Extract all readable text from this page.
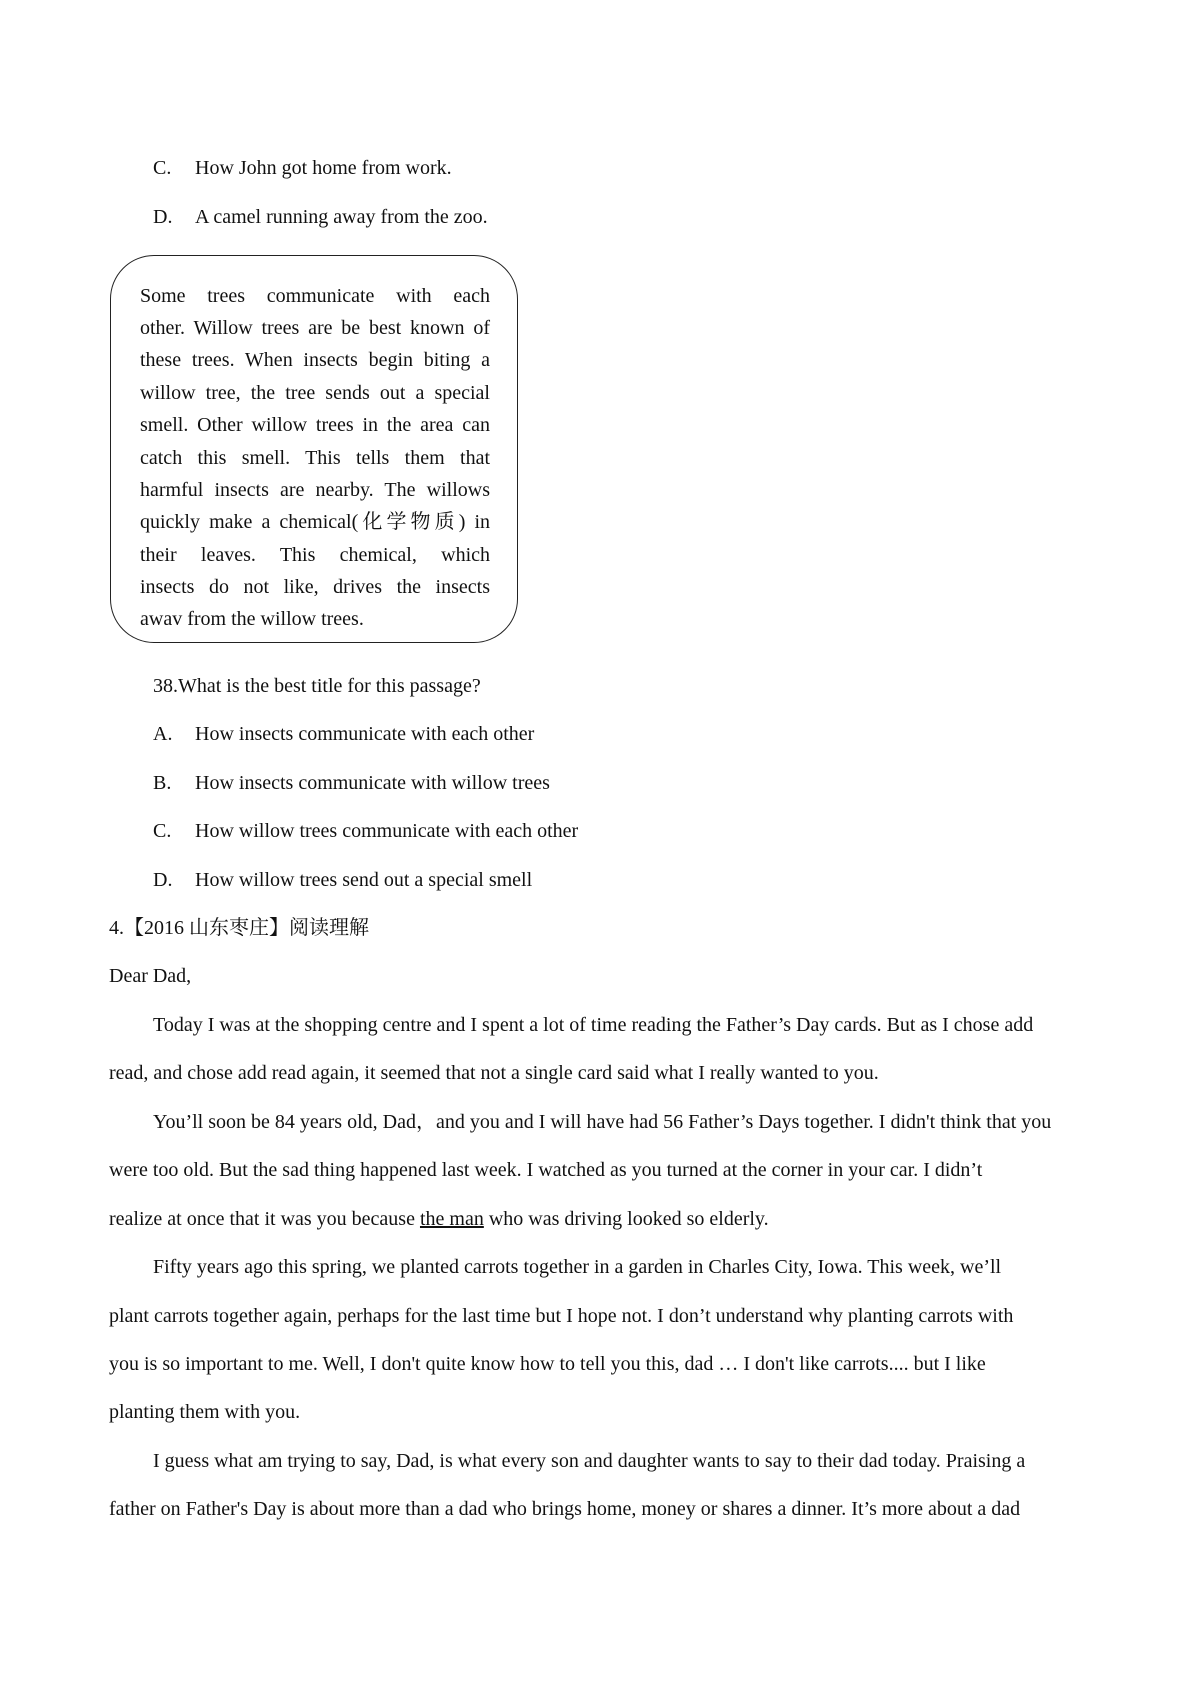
C. How John got home from work.
D. A camel running away from the zoo.
Some trees communicate with each
other. Willow trees are be best known of
these trees. When insects begin biting a
willow tree, the tree sends out a special
smell. Other willow trees in the area can
catch this smell. This tells them that
harmful insects are nearby. The willows
quickly make a chemical(化学物质) in
their leaves. This chemical, which
insects do not like, drives the insects
awav from the willow trees.
38.What is the best title for this passage?
A. How insects communicate with each other
B. How insects communicate with willow trees
C. How willow trees communicate with each other
D. How willow trees send out a special smell
4.【2016 山东枣庄】阅读理解
Dear Dad,
Today I was at the shopping centre and I spent a lot of time reading the Father’s Day cards. But as I chose add
read, and chose add read again, it seemed that not a single card said what I really wanted to you.
You’ll soon be 84 years old, Dad，and you and I will have had 56 Father’s Days together. I didn't think that you
were too old. But the sad thing happened last week. I watched as you turned at the corner in your car. I didn’t
realize at once that it was you because the man who was driving looked so elderly.
Fifty years ago this spring, we planted carrots together in a garden in Charles City, Iowa. This week, we’ll
plant carrots together again, perhaps for the last time but I hope not. I don’t understand why planting carrots with
you is so important to me. Well, I don't quite know how to tell you this, dad … I don't like carrots.... but I like
planting them with you.
I guess what am trying to say, Dad, is what every son and daughter wants to say to their dad today. Praising a
father on Father's Day is about more than a dad who brings home, money or shares a dinner. It’s more about a dad
